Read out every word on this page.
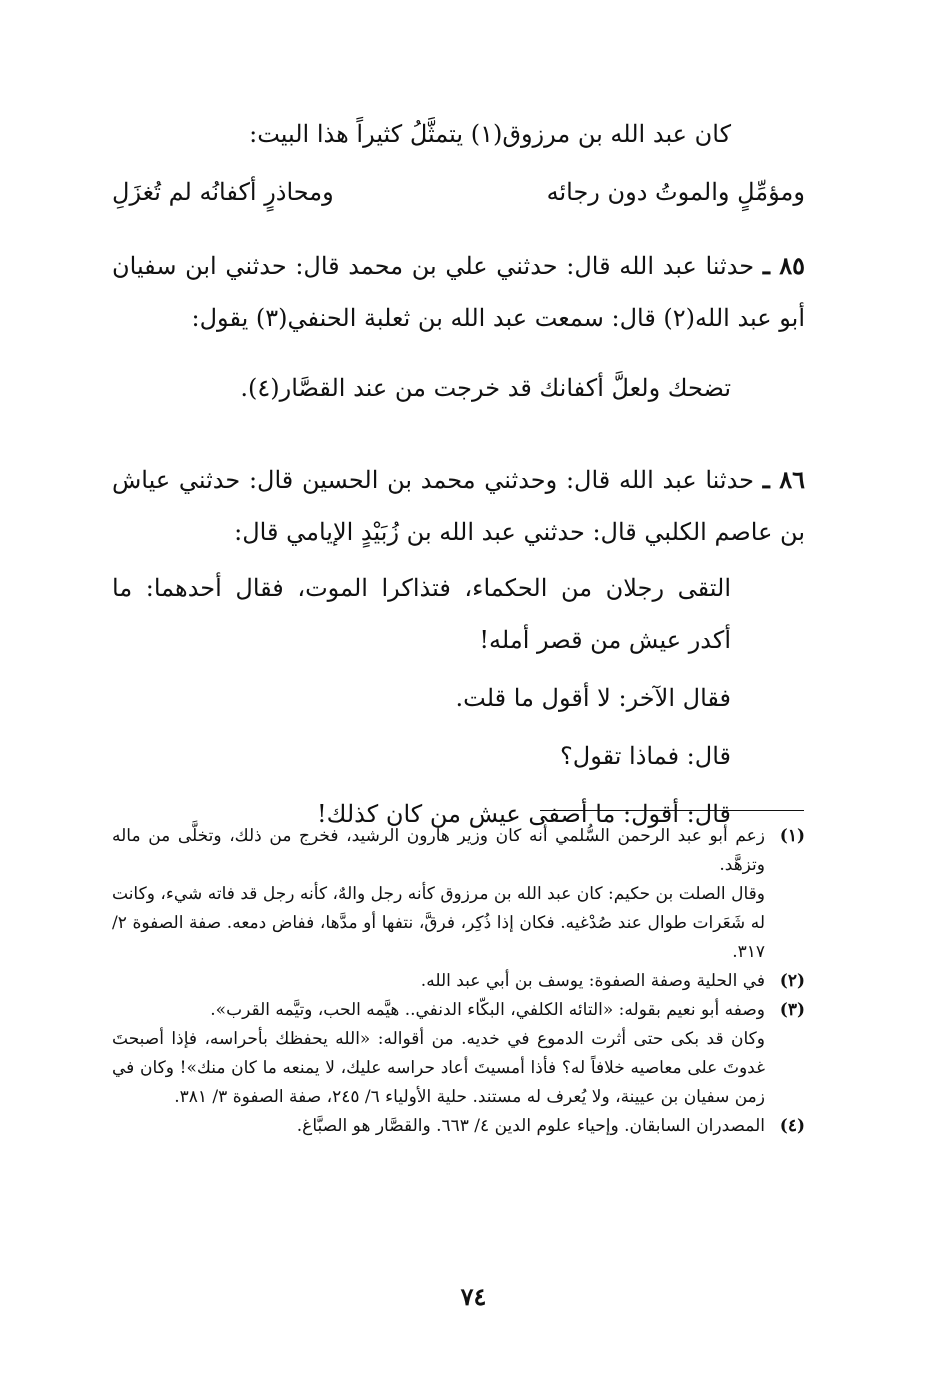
كان عبد الله بن مرزوق(١) يتمثَّلُ كثيراً هذا البيت:

ومؤمِّلٍ والموتُ دون رجائه
ومحاذرٍ أكفانُه لم تُغزَلِ

٨٥ ـ حدثنا عبد الله قال: حدثني علي بن محمد قال: حدثني ابن سفيان أبو عبد الله(٢) قال: سمعت عبد الله بن ثعلبة الحنفي(٣) يقول:

تضحك ولعلَّ أكفانك قد خرجت من عند القصَّار(٤).

٨٦ ـ حدثنا عبد الله قال: وحدثني محمد بن الحسين قال: حدثني عياش بن عاصم الكلبي قال: حدثني عبد الله بن زُبَيْدٍ الإيامي قال:

التقى رجلان من الحكماء، فتذاكرا الموت، فقال أحدهما: ما أكدر عيش من قصر أمله!

فقال الآخر: لا أقول ما قلت.

قال: فماذا تقول؟

قال: أقول: ما أصفى عيش من كان كذلك!

(١)
زعم أبو عبد الرحمن السُّلمي أنه كان وزير هارون الرشيد، فخرج من ذلك، وتخلَّى من ماله وتزهَّد.

وقال الصلت بن حكيم: كان عبد الله بن مرزوق كأنه رجل والهٌ، كأنه رجل قد فاته شيء، وكانت له شَعَرات طوال عند صُدْغيه. فكان إذا ذُكِر، فرقَّ، نتفها أو مدَّها، ففاض دمعه. صفة الصفوة ٢/ ٣١٧.

(٢)
في الحلية وصفة الصفوة: يوسف بن أبي عبد الله.
(٣)
وصفه أبو نعيم بقوله: «التائه الكلفي، البكّاء الدنفي.. هيَّمه الحب، وتيَّمه القرب».

وكان قد بكى حتى أثرت الدموع في خديه. من أقواله: «الله يحفظك بأحراسه، فإذا أصبحتَ غدوتَ على معاصيه خلافاً له؟ فأذا أمسيتَ أعاد حراسه عليك، لا يمنعه ما كان منك»! وكان في زمن سفيان بن عيينة، ولا يُعرف له مستند. حلية الأولياء ٦/ ٢٤٥، صفة الصفوة ٣/ ٣٨١.

(٤)
المصدران السابقان. وإحياء علوم الدين ٤/ ٦٦٣. والقصَّار هو الصبَّاغ.
٧٤
